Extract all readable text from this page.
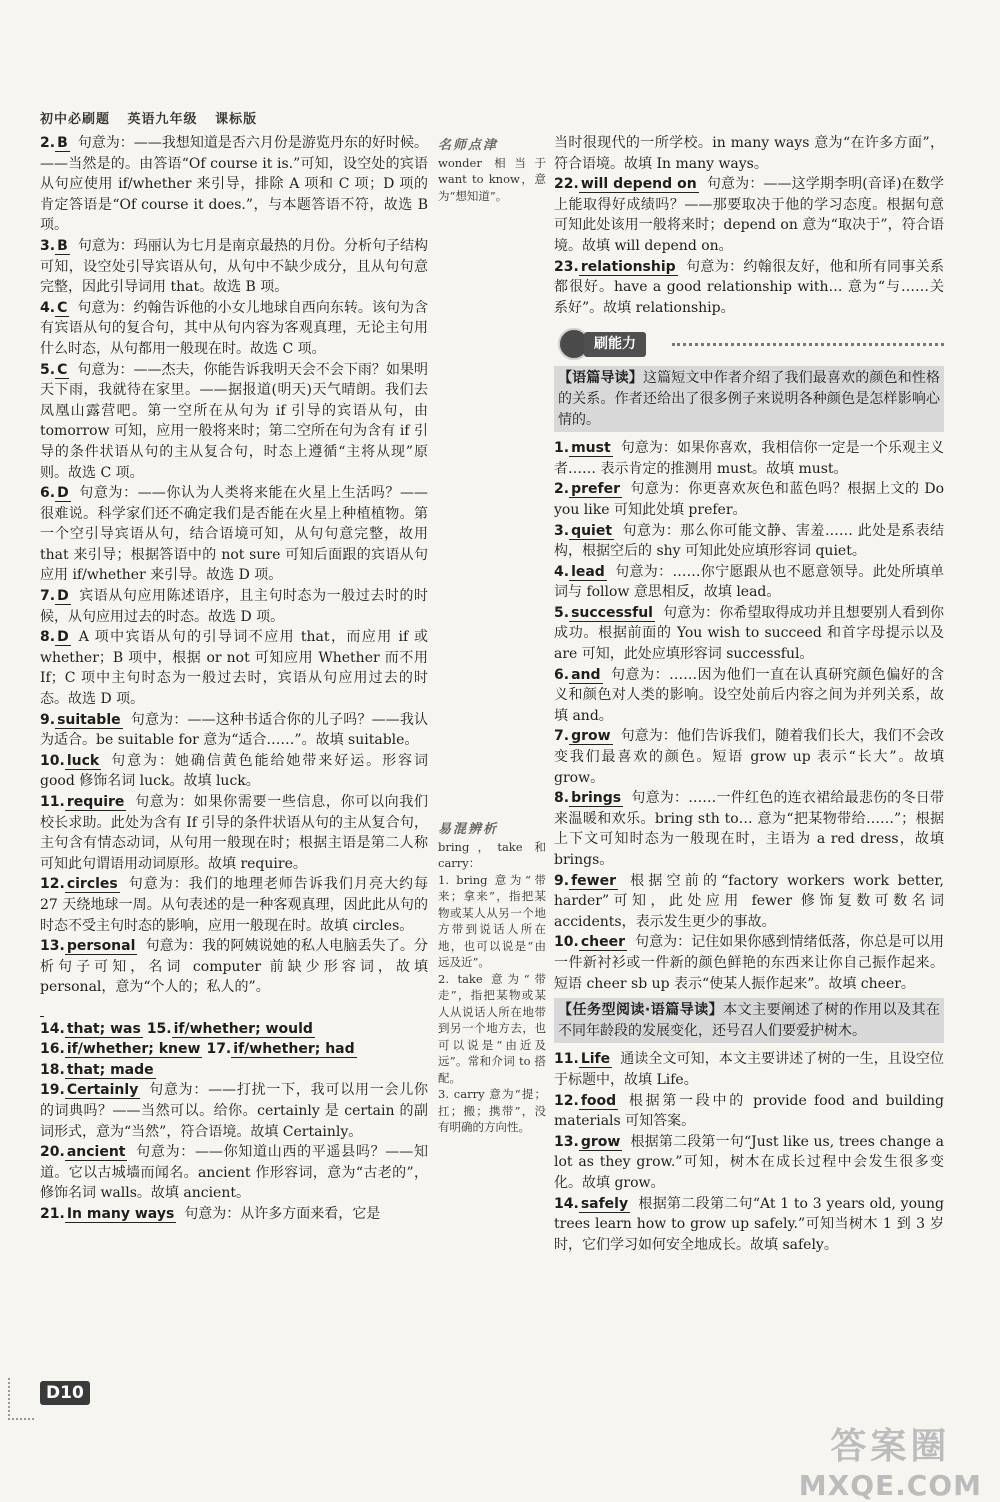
初中必刷题 英语九年级 课标版
2. B 句意为：——我想知道是否六月份是游览丹东的好时候。——当然是的。由答语“Of course it is.”可知，设空处的宾语从句应使用 if/whether 来引导，排除 A 项和 C 项；D 项的肯定答语是“Of course it does.”，与本题答语不符，故选 B 项。
3. B 句意为：玛丽认为七月是南京最热的月份。分析句子结构可知，设空处引导宾语从句，从句中不缺少成分，且从句句意完整，因此引导词用 that。故选 B 项。
4. C 句意为：约翰告诉他的小女儿地球自西向东转。该句为含有宾语从句的复合句，其中从句内容为客观真理，无论主句用什么时态，从句都用一般现在时。故选 C 项。
5. C 句意为：——杰夫，你能告诉我明天会不会下雨？如果明天下雨，我就待在家里。——据报道(明天)天气晴朗。我们去凤凰山露营吧。第一空所在从句为 if 引导的宾语从句，由 tomorrow 可知，应用一般将来时；第二空所在句为含有 if 引导的条件状语从句的主从复合句，时态上遵循“主将从现”原则。故选 C 项。
6. D 句意为：——你认为人类将来能在火星上生活吗？——很难说。科学家们还不确定我们是否能在火星上种植植物。第一个空引导宾语从句，结合语境可知，从句句意完整，故用 that 来引导；根据答语中的 not sure 可知后面跟的宾语从句应用 if/whether 来引导。故选 D 项。
7. D 宾语从句应用陈述语序，且主句时态为一般过去时的时候，从句应用过去的时态。故选 D 项。
8. D A 项中宾语从句的引导词不应用 that，而应用 if 或 whether；B 项中，根据 or not 可知应用 Whether 而不用 If；C 项中主句时态为一般过去时，宾语从句应用过去的时态。故选 D 项。
9. suitable 句意为：——这种书适合你的儿子吗？——我认为适合。be suitable for 意为“适合……”。故填 suitable。
10. luck 句意为：她确信黄色能给她带来好运。形容词 good 修饰名词 luck。故填 luck。
11. require 句意为：如果你需要一些信息，你可以向我们校长求助。此处为含有 If 引导的条件状语从句的主从复合句，主句含有情态动词，从句用一般现在时；根据主语是第二人称可知此句谓语用动词原形。故填 require。
12. circles 句意为：我们的地理老师告诉我们月亮大约每 27 天绕地球一周。从句表述的是一种客观真理，因此此从句的时态不受主句时态的影响，应用一般现在时。故填 circles。
13. personal 句意为：我的阿姨说她的私人电脑丢失了。分析句子可知，名词 computer 前缺少形容词，故填 personal，意为“个人的；私人的”。
14. that; was 15. if/whether; would
16. if/whether; knew 17. if/whether; had
18. that; made
19. Certainly 句意为：——打扰一下，我可以用一会儿你的词典吗？——当然可以。给你。certainly 是 certain 的副词形式，意为“当然”，符合语境。故填 Certainly。
20. ancient 句意为：——你知道山西的平遥县吗？——知道。它以古城墙而闻名。ancient 作形容词，意为“古老的”，修饰名词 walls。故填 ancient。
21. In many ways 句意为：从许多方面来看，它是
名师点津
wonder 相当于 want to know，意为“想知道”。
易混辨析
bring，take 和 carry：
1. bring 意为“带来；拿来”，指把某物或某人从另一个地方带到说话人所在地，也可以说是“由远及近”。
2. take 意为“带走”，指把某物或某人从说话人所在地带到另一个地方去，也可以说是“由近及远”。常和介词 to 搭配。
3. carry 意为“提；扛；搬；携带”，没有明确的方向性。
当时很现代的一所学校。in many ways 意为“在许多方面”，符合语境。故填 In many ways。
22. will depend on 句意为：——这学期李明(音译)在数学上能取得好成绩吗？——那要取决于他的学习态度。根据句意可知此处该用一般将来时；depend on 意为“取决于”，符合语境。故填 will depend on。
23. relationship 句意为：约翰很友好，他和所有同事关系都很好。have a good relationship with… 意为“与……关系好”。故填 relationship。
刷能力
【语篇导读】这篇短文中作者介绍了我们最喜欢的颜色和性格的关系。作者还给出了很多例子来说明各种颜色是怎样影响心情的。
1. must 句意为：如果你喜欢，我相信你一定是一个乐观主义者…… 表示肯定的推测用 must。故填 must。
2. prefer 句意为：你更喜欢灰色和蓝色吗？根据上文的 Do you like 可知此处填 prefer。
3. quiet 句意为：那么你可能文静、害羞…… 此处是系表结构，根据空后的 shy 可知此处应填形容词 quiet。
4. lead 句意为：……你宁愿跟从也不愿意领导。此处所填单词与 follow 意思相反，故填 lead。
5. successful 句意为：你希望取得成功并且想要别人看到你成功。根据前面的 You wish to succeed 和首字母提示以及 are 可知，此处应填形容词 successful。
6. and 句意为：……因为他们一直在认真研究颜色偏好的含义和颜色对人类的影响。设空处前后内容之间为并列关系，故填 and。
7. grow 句意为：他们告诉我们，随着我们长大，我们不会改变我们最喜欢的颜色。短语 grow up 表示“长大”。故填 grow。
8. brings 句意为：……一件红色的连衣裙给最悲伤的冬日带来温暖和欢乐。bring sth to… 意为“把某物带给……”；根据上下文可知时态为一般现在时，主语为 a red dress，故填 brings。
9. fewer 根据空前的“factory workers work better, harder”可知，此处应用 fewer 修饰复数可数名词 accidents，表示发生更少的事故。
10. cheer 句意为：记住如果你感到情绪低落，你总是可以用一件新衬衫或一件新的颜色鲜艳的东西来让你自己振作起来。短语 cheer sb up 表示“使某人振作起来”。故填 cheer。
【任务型阅读·语篇导读】本文主要阐述了树的作用以及其在不同年龄段的发展变化，还号召人们要爱护树木。
11. Life 通读全文可知，本文主要讲述了树的一生，且设空位于标题中，故填 Life。
12. food 根据第一段中的 provide food and building materials 可知答案。
13. grow 根据第二段第一句“Just like us, trees change a lot as they grow.”可知，树木在成长过程中会发生很多变化。故填 grow。
14. safely 根据第二段第二句“At 1 to 3 years old, young trees learn how to grow up safely.”可知当树木 1 到 3 岁时，它们学习如何安全地成长。故填 safely。
D10
答案圈
MXQE.COM
